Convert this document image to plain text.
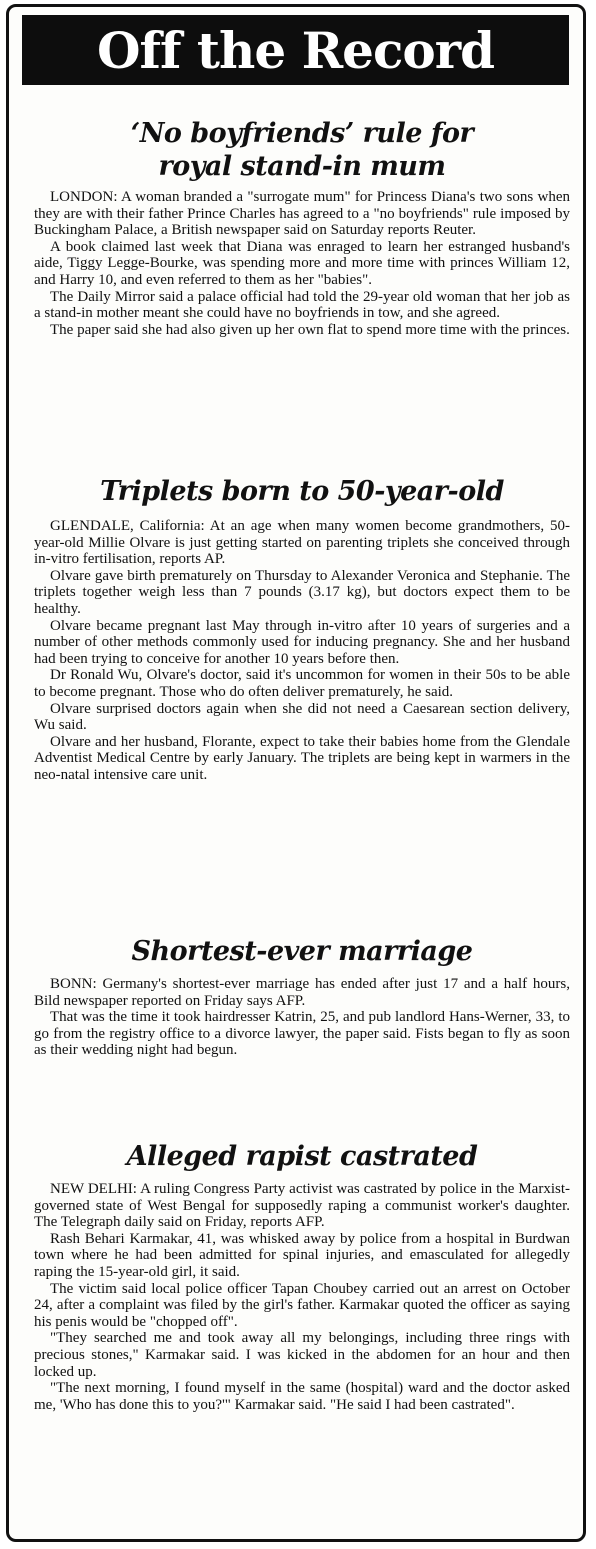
Off the Record
‘No boyfriends’ rule for
royal stand-in mum

LONDON: A woman branded a "surrogate mum" for Princess Diana's two sons when they are with their father Prince Charles has agreed to a "no boyfriends" rule imposed by Buckingham Palace, a British newspaper said on Saturday reports Reuter.

A book claimed last week that Diana was enraged to learn her estranged husband's aide, Tiggy Legge-Bourke, was spending more and more time with princes William 12, and Harry 10, and even referred to them as her "babies".

The Daily Mirror said a palace official had told the 29-year old woman that her job as a stand-in mother meant she could have no boyfriends in tow, and she agreed.

The paper said she had also given up her own flat to spend more time with the princes.

Triplets born to 50-year-old

GLENDALE, California: At an age when many women become grandmothers, 50-year-old Millie Olvare is just getting started on parenting triplets she conceived through in-vitro fertilisation, reports AP.

Olvare gave birth prematurely on Thursday to Alexander Veronica and Stephanie. The triplets together weigh less than 7 pounds (3.17 kg), but doctors expect them to be healthy.

Olvare became pregnant last May through in-vitro after 10 years of surgeries and a number of other methods commonly used for inducing pregnancy. She and her husband had been trying to conceive for another 10 years before then.

Dr Ronald Wu, Olvare's doctor, said it's uncommon for women in their 50s to be able to become pregnant. Those who do often deliver prematurely, he said.

Olvare surprised doctors again when she did not need a Caesarean section delivery, Wu said.

Olvare and her husband, Florante, expect to take their babies home from the Glendale Adventist Medical Centre by early January. The triplets are being kept in warmers in the neo-natal intensive care unit.

Shortest-ever marriage

BONN: Germany's shortest-ever marriage has ended after just 17 and a half hours, Bild newspaper reported on Friday says AFP.

That was the time it took hairdresser Katrin, 25, and pub landlord Hans-Werner, 33, to go from the registry office to a divorce lawyer, the paper said. Fists began to fly as soon as their wedding night had begun.

Alleged rapist castrated

NEW DELHI: A ruling Congress Party activist was castrated by police in the Marxist-governed state of West Bengal for supposedly raping a communist worker's daughter. The Telegraph daily said on Friday, reports AFP.

Rash Behari Karmakar, 41, was whisked away by police from a hospital in Burdwan town where he had been admitted for spinal injuries, and emasculated for allegedly raping the 15-year-old girl, it said.

The victim said local police officer Tapan Choubey carried out an arrest on October 24, after a complaint was filed by the girl's father. Karmakar quoted the officer as saying his penis would be "chopped off".

"They searched me and took away all my belongings, including three rings with precious stones," Karmakar said. I was kicked in the abdomen for an hour and then locked up.

"The next morning, I found myself in the same (hospital) ward and the doctor asked me, 'Who has done this to you?'" Karmakar said. "He said I had been castrated".
